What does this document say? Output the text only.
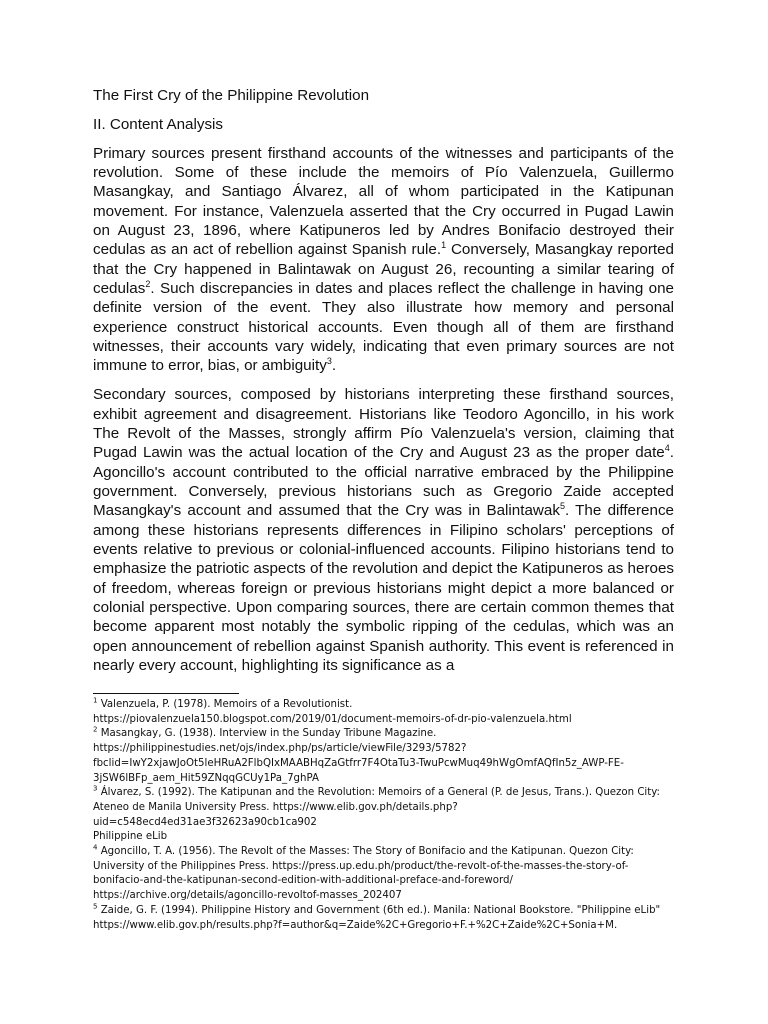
The First Cry of the Philippine Revolution

II. Content Analysis

Primary sources present firsthand accounts of the witnesses and participants of the revolution. Some of these include the memoirs of Pío Valenzuela, Guillermo Masangkay, and Santiago Álvarez, all of whom participated in the Katipunan movement. For instance, Valenzuela asserted that the Cry occurred in Pugad Lawin on August 23, 1896, where Katipuneros led by Andres Bonifacio destroyed their cedulas as an act of rebellion against Spanish rule.$^1$ Conversely, Masangkay reported that the Cry happened in Balintawak on August 26, recounting a similar tearing of cedulas$^2$. Such discrepancies in dates and places reflect the challenge in having one definite version of the event. They also illustrate how memory and personal experience construct historical accounts. Even though all of them are firsthand witnesses, their accounts vary widely, indicating that even primary sources are not immune to error, bias, or ambiguity$^3$.

Secondary sources, composed by historians interpreting these firsthand sources, exhibit agreement and disagreement. Historians like Teodoro Agoncillo, in his work The Revolt of the Masses, strongly affirm Pío Valenzuela's version, claiming that Pugad Lawin was the actual location of the Cry and August 23 as the proper date$^4$. Agoncillo's account contributed to the official narrative embraced by the Philippine government. Conversely, previous historians such as Gregorio Zaide accepted Masangkay's account and assumed that the Cry was in Balintawak$^5$. The difference among these historians represents differences in Filipino scholars' perceptions of events relative to previous or colonial-influenced accounts. Filipino historians tend to emphasize the patriotic aspects of the revolution and depict the Katipuneros as heroes of freedom, whereas foreign or previous historians might depict a more balanced or colonial perspective. Upon comparing sources, there are certain common themes that become apparent most notably the symbolic ripping of the cedulas, which was an open announcement of rebellion against Spanish authority. This event is referenced in nearly every account, highlighting its significance as a

$^1$ Valenzuela, P. (1978). Memoirs of a Revolutionist.
https://piovalenzuela150.blogspot.com/2019/01/document-memoirs-of-dr-pio-valenzuela.html

$^2$ Masangkay, G. (1938). Interview in the Sunday Tribune Magazine.
https://philippinestudies.net/ojs/index.php/ps/article/viewFile/3293/5782?
fbclid=IwY2xjawJoOt5leHRuA2FlbQIxMAABHqZaGtfrr7F4OtaTu3-TwuPcwMuq49hWgOmfAQfIn5z_AWP-FE-
3jSW6lBFp_aem_Hit59ZNqqGCUy1Pa_7ghPA

$^3$ Álvarez, S. (1992). The Katipunan and the Revolution: Memoirs of a General (P. de Jesus, Trans.). Quezon City:
Ateneo de Manila University Press. https://www.elib.gov.ph/details.php?
uid=c548ecd4ed31ae3f32623a90cb1ca902
Philippine eLib

$^4$ Agoncillo, T. A. (1956). The Revolt of the Masses: The Story of Bonifacio and the Katipunan. Quezon City:
University of the Philippines Press. https://press.up.edu.ph/product/the-revolt-of-the-masses-the-story-of-
bonifacio-and-the-katipunan-second-edition-with-additional-preface-and-foreword/
https://archive.org/details/agoncillo-revoltof-masses_202407

$^5$ Zaide, G. F. (1994). Philippine History and Government (6th ed.). Manila: National Bookstore. "Philippine eLib"
https://www.elib.gov.ph/results.php?f=author&q=Zaide%2C+Gregorio+F.+%2C+Zaide%2C+Sonia+M.
